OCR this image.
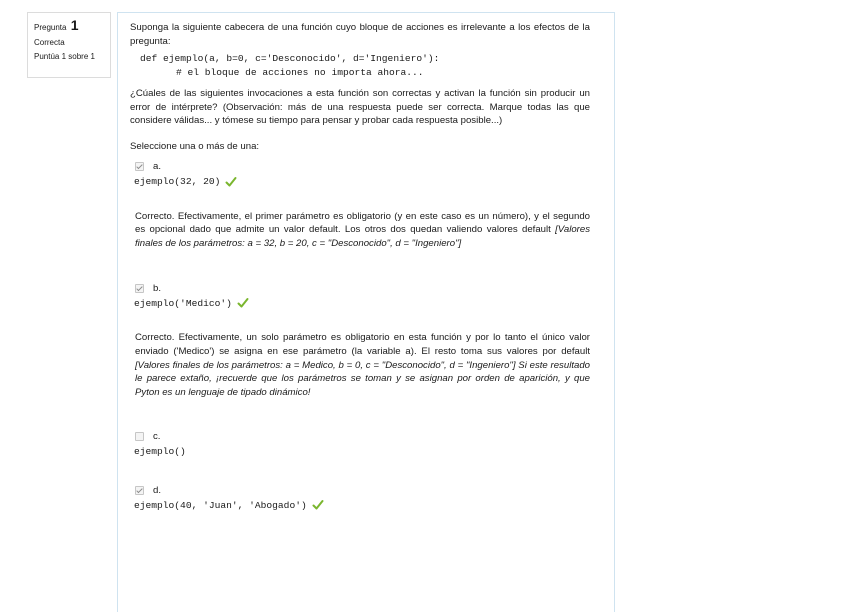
Pregunta 1
Correcta
Puntúa 1 sobre 1

Suponga la siguiente cabecera de una función cuyo bloque de acciones es irrelevante a los efectos de la pregunta:

def ejemplo(a, b=0, c='Desconocido', d='Ingeniero'):
# el bloque de acciones no importa ahora...

¿Cúales de las siguientes invocaciones a esta función son correctas y activan la función sin producir un error de intérprete? (Observación: más de una respuesta puede ser correcta. Marque todas las que considere válidas... y tómese su tiempo para pensar y probar cada respuesta posible...)

Seleccione una o más de una:

a.
ejemplo(32, 20)

Correcto. Efectivamente, el primer parámetro es obligatorio (y en este caso es un número), y el segundo es opcional dado que admite un valor default. Los otros dos quedan valiendo valores default [Valores finales de los parámetros: a = 32, b = 20, c = "Desconocido", d = "Ingeniero"]

b.
ejemplo('Medico')

Correcto. Efectivamente, un solo parámetro es obligatorio en esta función y por lo tanto el único valor enviado ('Medico') se asigna en ese parámetro (la variable a). El resto toma sus valores por default [Valores finales de los parámetros: a = Medico, b = 0, c = "Desconocido", d = "Ingeniero"] Si este resultado le parece extaño, ¡recuerde que los parámetros se toman y se asignan por orden de aparición, y que Pyton es un lenguaje de tipado dinámico!

c.
ejemplo()
d.
ejemplo(40, 'Juan', 'Abogado')
